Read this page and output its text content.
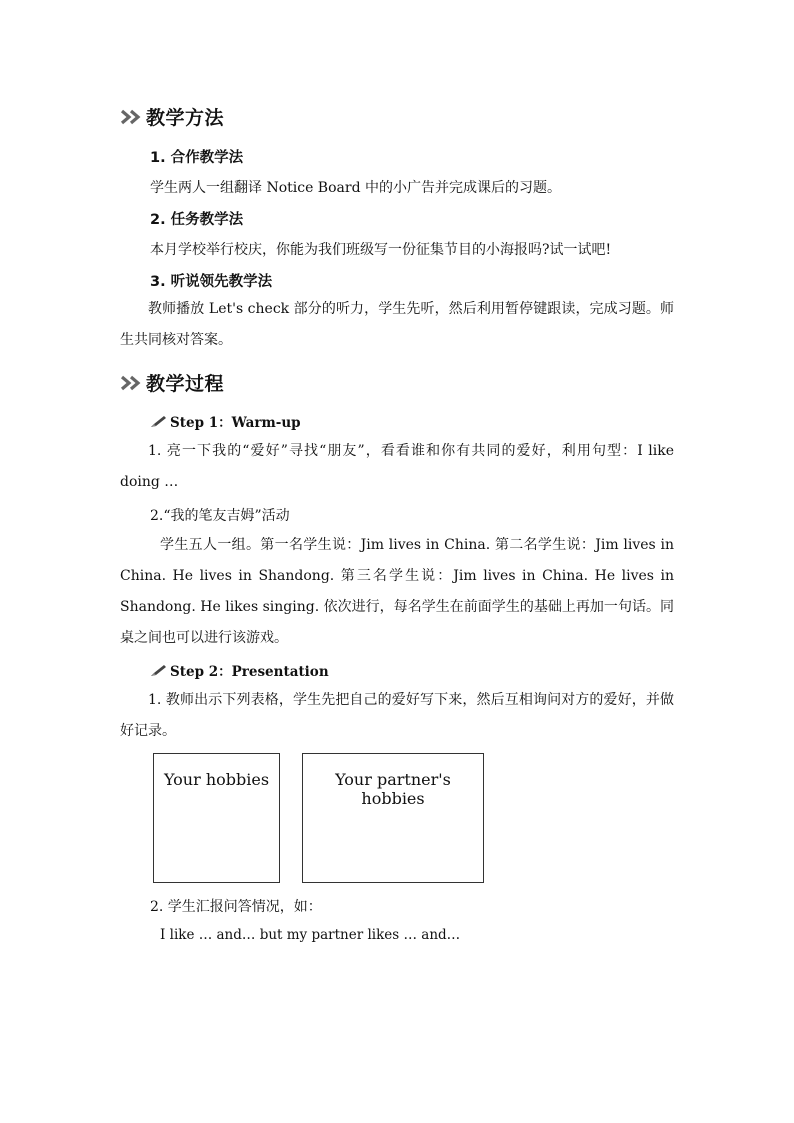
教学方法
1. 合作教学法
学生两人一组翻译 Notice Board 中的小广告并完成课后的习题。
2. 任务教学法
本月学校举行校庆，你能为我们班级写一份征集节目的小海报吗?试一试吧!
3. 听说领先教学法
教师播放 Let's check 部分的听力，学生先听，然后利用暂停键跟读，完成习题。师生共同核对答案。
教学过程
Step 1：Warm-up
1. 亮一下我的“爱好”寻找“朋友”，看看谁和你有共同的爱好，利用句型：I like doing …
2.“我的笔友吉姆”活动
学生五人一组。第一名学生说：Jim lives in China. 第二名学生说：Jim lives in China. He lives in Shandong. 第三名学生说：Jim lives in China. He lives in Shandong. He likes singing. 依次进行，每名学生在前面学生的基础上再加一句话。同桌之间也可以进行该游戏。
Step 2：Presentation
1. 教师出示下列表格，学生先把自己的爱好写下来，然后互相询问对方的爱好，并做好记录。
Your hobbies	Your partner's hobbies
2. 学生汇报问答情况，如：
I like … and… but my partner likes … and…
